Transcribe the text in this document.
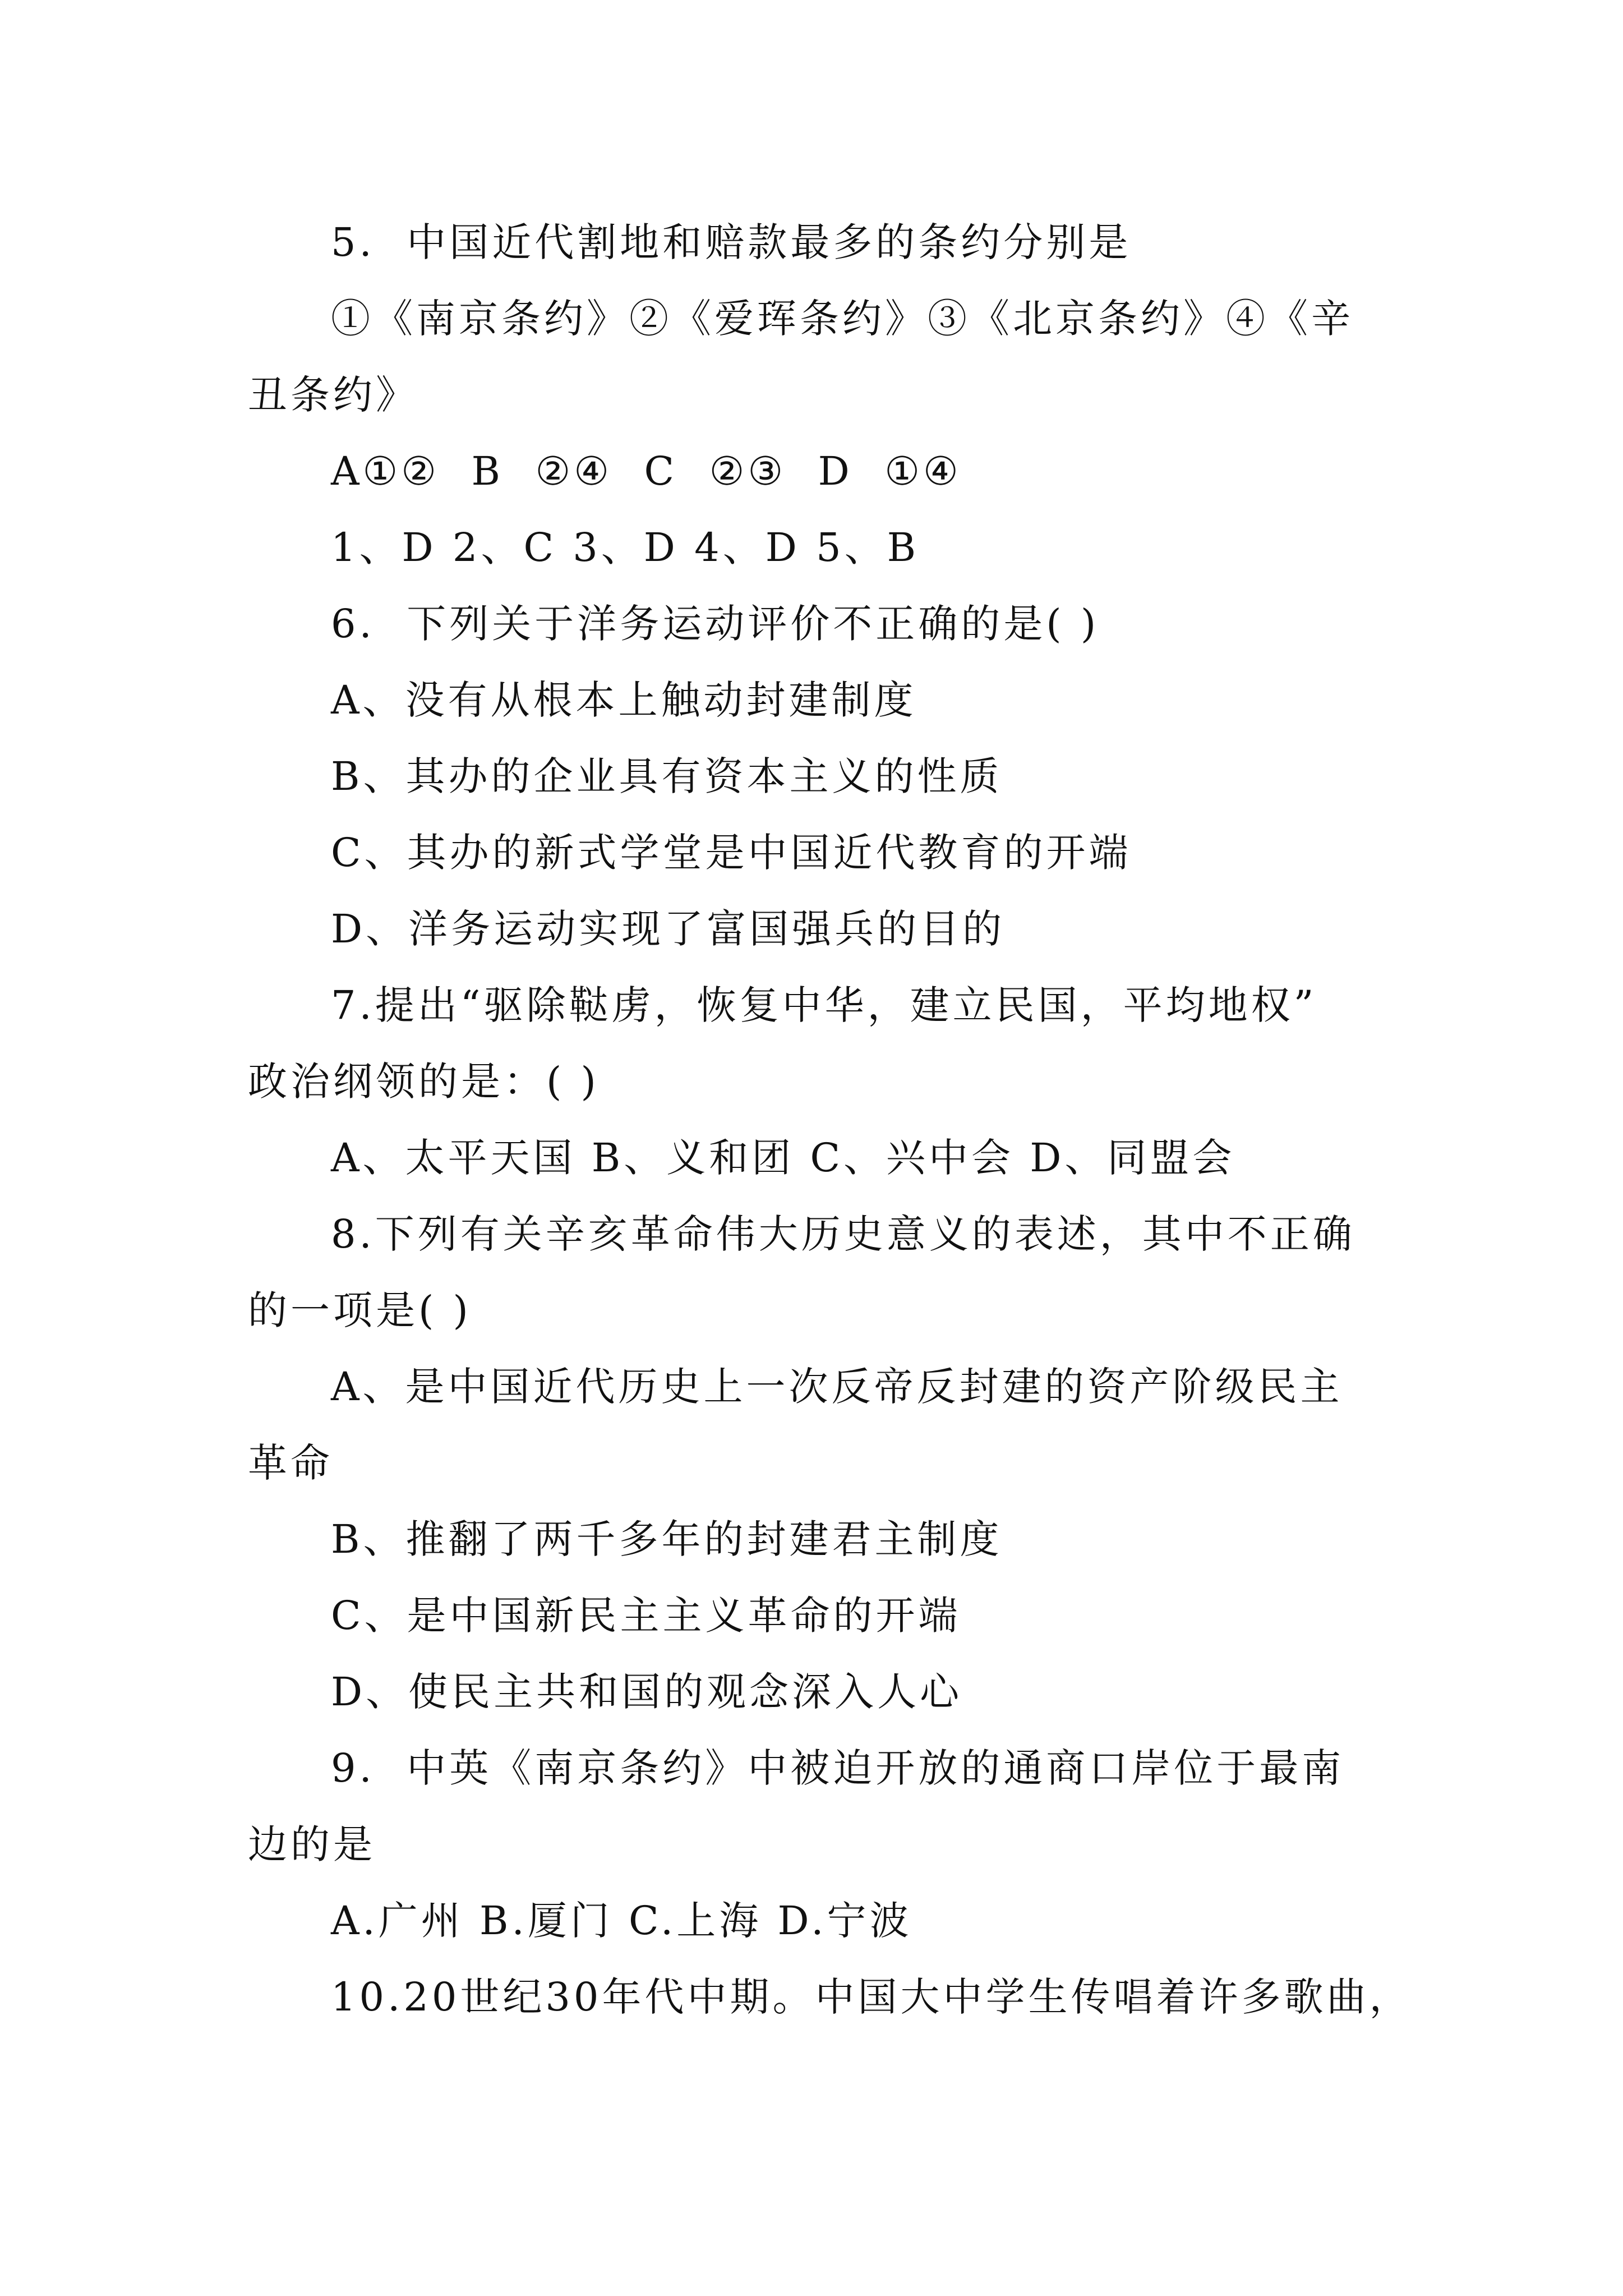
5.  中国近代割地和赔款最多的条约分别是
①《南京条约》②《爱珲条约》③《北京条约》④《辛
丑条约》
A①②  B  ②④  C  ②③  D  ①④
1、D 2、C 3、D 4、D 5、B
6.  下列关于洋务运动评价不正确的是( )
A、没有从根本上触动封建制度
B、其办的企业具有资本主义的性质
C、其办的新式学堂是中国近代教育的开端
D、洋务运动实现了富国强兵的目的
7.提出“驱除鞑虏，恢复中华，建立民国，平均地权”
政治纲领的是：( )
A、太平天国 B、义和团 C、兴中会 D、同盟会
8.下列有关辛亥革命伟大历史意义的表述，其中不正确
的一项是( )
A、是中国近代历史上一次反帝反封建的资产阶级民主
革命
B、推翻了两千多年的封建君主制度
C、是中国新民主主义革命的开端
D、使民主共和国的观念深入人心
9.  中英《南京条约》中被迫开放的通商口岸位于最南
边的是
A.广州 B.厦门 C.上海 D.宁波
10.20世纪30年代中期。中国大中学生传唱着许多歌曲，
